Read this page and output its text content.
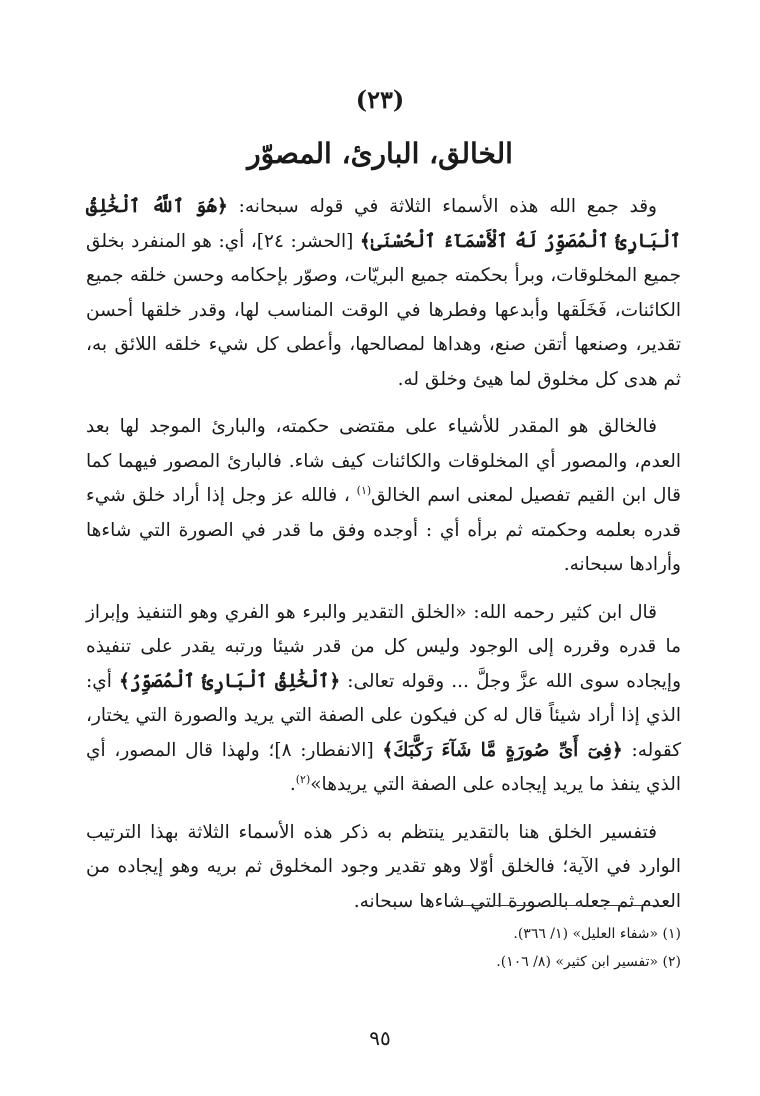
(٢٣)
الخالق، البارئ، المصوّر

وقد جمع الله هذه الأسماء الثلاثة في قوله سبحانه: ﴿هُوَ ٱللَّهُ ٱلْخَٰلِقُ ٱلْبَارِئُ ٱلْمُصَوِّرُ لَهُ ٱلْأَسْمَآءُ ٱلْحُسْنَىٰ﴾ [الحشر: ٢٤]، أي: هو المنفرد بخلق جميع المخلوقات، وبرأ بحكمته جميع البريّات، وصوّر بإحكامه وحسن خلقه جميع الكائنات، فَخَلَقها وأبدعها وفطرها في الوقت المناسب لها، وقدر خلقها أحسن تقدير، وصنعها أتقن صنع، وهداها لمصالحها، وأعطى كل شيء خلقه اللائق به، ثم هدى كل مخلوق لما هيئ وخلق له.

فالخالق هو المقدر للأشياء على مقتضى حكمته، والبارئ الموجد لها بعد العدم، والمصور أي المخلوقات والكائنات كيف شاء. فالبارئ المصور فيهما كما قال ابن القيم تفصيل لمعنى اسم الخالق$^{(١)}$ ، فالله عز وجل إذا أراد خلق شيء قدره بعلمه وحكمته ثم برأه أي : أوجده وفق ما قدر في الصورة التي شاءها وأرادها سبحانه.

قال ابن كثير رحمه الله: «الخلق التقدير والبرء هو الفري وهو التنفيذ وإبراز ما قدره وقرره إلى الوجود وليس كل من قدر شيئا ورتبه يقدر على تنفيذه وإيجاده سوى الله عزَّ وجلَّ ... وقوله تعالى: ﴿ٱلْخَٰلِقُ ٱلْبَارِئُ ٱلْمُصَوِّرُ﴾ أي: الذي إذا أراد شيئاً قال له كن فيكون على الصفة التي يريد والصورة التي يختار، كقوله: ﴿فِىٓ أَىِّ صُورَةٍ مَّا شَآءَ رَكَّبَكَ﴾ [الانفطار: ٨]؛ ولهذا قال المصور، أي الذي ينفذ ما يريد إيجاده على الصفة التي يريدها»$^{(٢)}$.

فتفسير الخلق هنا بالتقدير ينتظم به ذكر هذه الأسماء الثلاثة بهذا الترتيب الوارد في الآية؛ فالخلق أوّلا وهو تقدير وجود المخلوق ثم بريه وهو إيجاده من العدم ثم جعله بالصورة التي شاءها سبحانه.

(١) «شفاء العليل» (١/ ٣٦٦).
(٢) «تفسير ابن كثير» (٨/ ١٠٦).
٩٥
